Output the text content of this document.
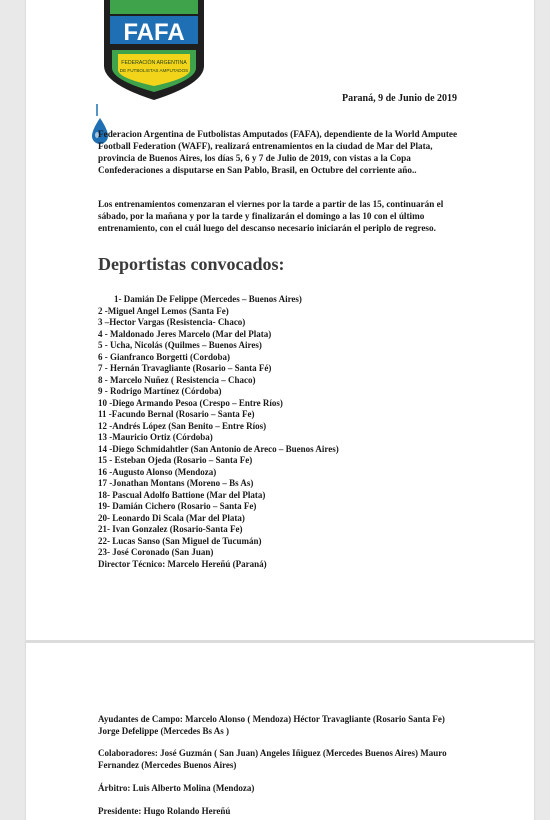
FAFA
FEDERACIÓN ARGENTINA
DE FUTBOLISTAS AMPUTADOS
Paraná, 9 de Junio de 2019
Federacion Argentina de Futbolistas Amputados (FAFA), dependiente de la World Amputee Football Federation (WAFF), realizará entrenamientos en la ciudad de Mar del Plata, provincia de Buenos Aires, los días 5, 6 y 7 de Julio de 2019, con vistas a la Copa Confederaciones a disputarse en San Pablo, Brasil, en Octubre del corriente año..
Los entrenamientos comenzaran el viernes por la tarde a partir de las 15, continuarán el sábado, por la mañana y por la tarde y finalizarán el domingo a las 10 con el último entrenamiento, con el cuál luego del descanso necesario iniciarán el periplo de regreso.
Deportistas convocados:
1- Damián De Felippe (Mercedes – Buenos Aires)
2 -Miguel Angel Lemos (Santa Fe)
3 –Hector Vargas (Resistencia- Chaco)
4 - Maldonado Jeres Marcelo (Mar del Plata)
5 - Ucha, Nicolás (Quilmes – Buenos Aires)
6 - Gianfranco Borgetti (Cordoba)
7 - Hernán Travagliante (Rosario – Santa Fé)
8 - Marcelo Nuñez ( Resistencia – Chaco)
9 - Rodrigo Martínez (Córdoba)
10 -Diego Armando Pesoa (Crespo – Entre Ríos)
11 -Facundo Bernal (Rosario – Santa Fe)
12 -Andrés López (San Benito – Entre Ríos)
13 -Mauricio Ortiz (Córdoba)
14 -Diego Schmidahtler (San Antonio de Areco – Buenos Aires)
15 - Esteban Ojeda (Rosario – Santa Fe)
16 -Augusto Alonso (Mendoza)
17 -Jonathan Montans (Moreno – Bs As)
18- Pascual Adolfo Battione (Mar del Plata)
19- Damián Cichero (Rosario – Santa Fe)
20- Leonardo Di Scala (Mar del Plata)
21- Ivan Gonzalez (Rosario-Santa Fe)
22- Lucas Sanso (San Miguel de Tucumán)
23- José Coronado (San Juan)
Director Técnico: Marcelo Hereñú (Paraná)
Ayudantes de Campo: Marcelo Alonso ( Mendoza) Héctor Travagliante (Rosario Santa Fe) Jorge Defelippe (Mercedes Bs As )
Colaboradores: José Guzmán ( San Juan) Angeles Iñiguez (Mercedes Buenos Aires) Mauro Fernandez (Mercedes Buenos Aires)
Árbitro: Luis Alberto Molina (Mendoza)
Presidente: Hugo Rolando Hereñú
